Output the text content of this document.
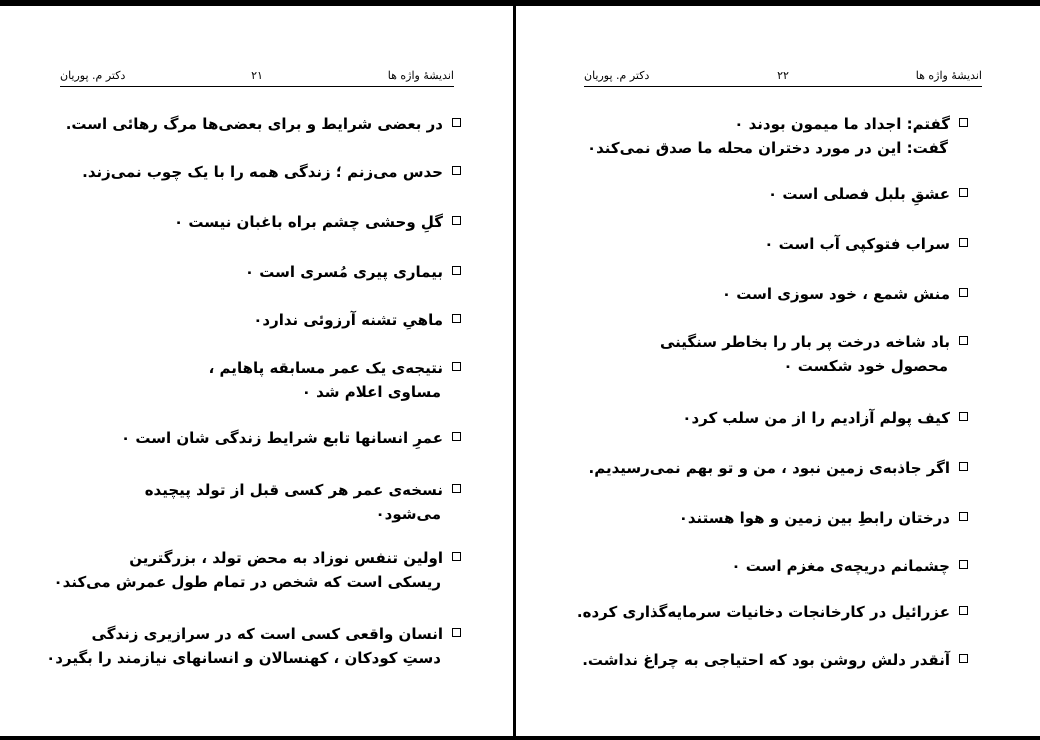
اندیشهٔ واژه ها
۲۱
دکتر م. پوریان
در بعضی شرایط و برای بعضی‌ها مرگ رهائی است.
حدس می‌زنم ؛ زندگی همه را با یک چوب نمی‌زند.
گلِ وحشی چشم براه باغبان نیست ۰
بیماری پیری مُسری است ۰
ماهیِ تشنه آرزوئی ندارد۰
نتیجه‌ی یک عمر مسابقه پاهایم ،
مساوی اعلام شد ۰
عمرِ انسانها تابع شرایط زندگی شان است ۰
نسخه‌ی عمر هر کسی قبل از تولد پیچیده
می‌شود۰
اولین تنفس نوزاد به محض تولد ، بزرگترین
ریسکی است که شخص در تمام طول عمرش می‌کند۰
انسان واقعی کسی است که در سرازیری زندگی
دستِ کودکان ، کهنسالان و انسانهای نیازمند را بگیرد۰
اندیشهٔ واژه ها
۲۲
دکتر م. پوریان
گفتم: اجداد ما میمون بودند ۰
گفت: این در مورد دختران محله ما صدق نمی‌کند۰
عشقِ بلبل فصلی است ۰
سراب فتوکپی آب است ۰
منش شمع ، خود سوزی است ۰
باد شاخه درخت پر بار را بخاطر سنگینی
محصول خود شکست ۰
کیف پولم آزادیم را از من سلب کرد۰
اگر جاذبه‌ی زمین نبود ، من و تو بهم نمی‌رسیدیم.
درختان رابطِ بین زمین و هوا هستند۰
چشمانم دریچه‌ی مغزم است ۰
عزرائیل در کارخانجات دخانیات سرمایه‌گذاری کرده.
آنقدر دلش روشن بود که احتیاجی به چراغ نداشت.
